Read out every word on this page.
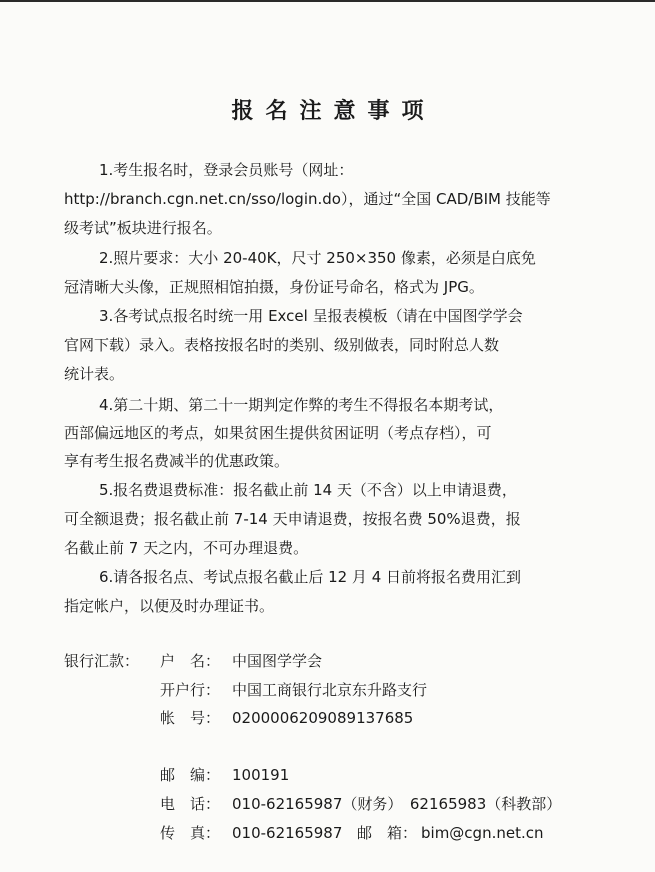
报名注意事项
1.考生报名时，登录会员账号（网址：
http://branch.cgn.net.cn/sso/login.do），通过“全国 CAD/BIM 技能等
级考试”板块进行报名。
2.照片要求：大小 20-40K，尺寸 250×350 像素，必须是白底免
冠清晰大头像，正规照相馆拍摄，身份证号命名，格式为 JPG。
3.各考试点报名时统一用 Excel 呈报表模板（请在中国图学学会
官网下载）录入。表格按报名时的类别、级别做表，同时附总人数
统计表。
4.第二十期、第二十一期判定作弊的考生不得报名本期考试，
西部偏远地区的考点，如果贫困生提供贫困证明（考点存档），可
享有考生报名费减半的优惠政策。
5.报名费退费标准：报名截止前 14 天（不含）以上申请退费，
可全额退费；报名截止前 7-14 天申请退费，按报名费 50%退费，报
名截止前 7 天之内，不可办理退费。
6.请各报名点、考试点报名截止后 12 月 4 日前将报名费用汇到
指定帐户，以便及时办理证书。
银行汇款： 户　名： 中国图学学会
开户行： 中国工商银行北京东升路支行
帐　号： 0200006209089137685
邮　编： 100191
电　话： 010-62165987（财务）　62165983（科教部）
传　真： 010-62165987 邮　箱： bim@cgn.net.cn
